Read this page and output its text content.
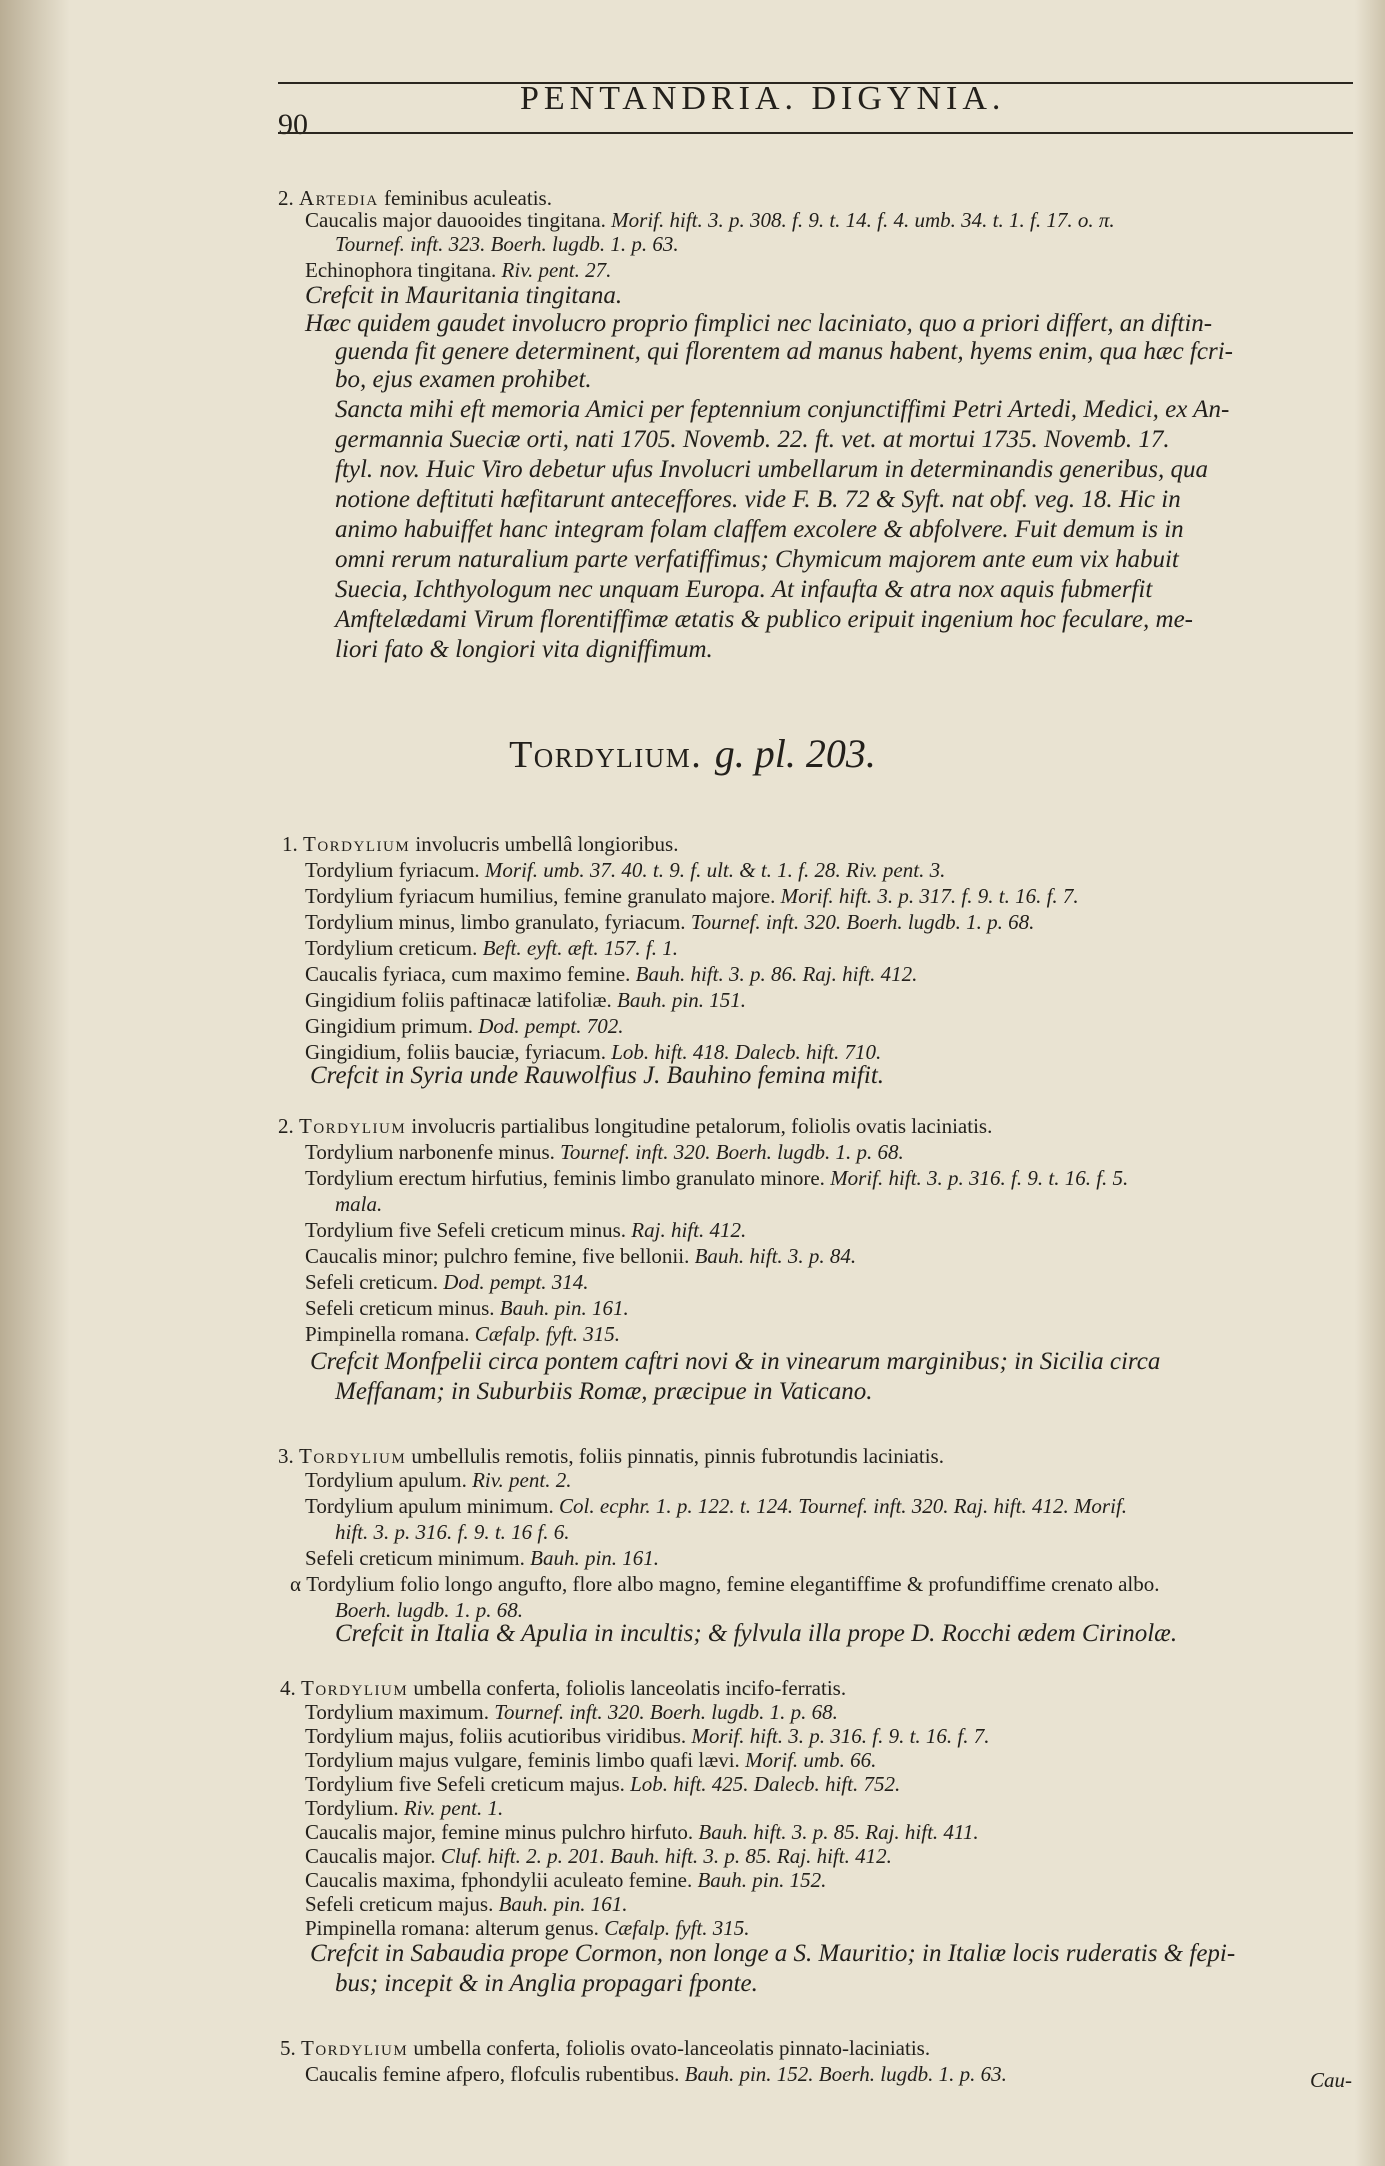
90
PENTANDRIA. DIGYNIA.
2. Artedia feminibus aculeatis.
Caucalis major dauooides tingitana. Morif. hift. 3. p. 308. f. 9. t. 14. f. 4. umb. 34. t. 1. f. 17. o. π.
Tournef. inft. 323. Boerh. lugdb. 1. p. 63.
Echinophora tingitana. Riv. pent. 27.
Crefcit in Mauritania tingitana.
Hæc quidem gaudet involucro proprio fimplici nec laciniato, quo a priori differt, an diftin-
guenda fit genere determinent, qui florentem ad manus habent, hyems enim, qua hæc fcri-
bo, ejus examen prohibet.
Sancta mihi eft memoria Amici per feptennium conjunctiffimi Petri Artedi, Medici, ex An-
germannia Sueciæ orti, nati 1705. Novemb. 22. ft. vet. at mortui 1735. Novemb. 17.
ftyl. nov. Huic Viro debetur ufus Involucri umbellarum in determinandis generibus, qua
notione deftituti hæfitarunt anteceffores. vide F. B. 72 & Syft. nat obf. veg. 18. Hic in
animo habuiffet hanc integram folam claffem excolere & abfolvere. Fuit demum is in
omni rerum naturalium parte verfatiffimus; Chymicum majorem ante eum vix habuit
Suecia, Ichthyologum nec unquam Europa. At infaufta & atra nox aquis fubmerfit
Amftelædami Virum florentiffimæ ætatis & publico eripuit ingenium hoc feculare, me-
liori fato & longiori vita digniffimum.
Tordylium. g. pl. 203.
1. Tordylium involucris umbellâ longioribus.
Tordylium fyriacum. Morif. umb. 37. 40. t. 9. f. ult. & t. 1. f. 28. Riv. pent. 3.
Tordylium fyriacum humilius, femine granulato majore. Morif. hift. 3. p. 317. f. 9. t. 16. f. 7.
Tordylium minus, limbo granulato, fyriacum. Tournef. inft. 320. Boerh. lugdb. 1. p. 68.
Tordylium creticum. Beft. eyft. æft. 157. f. 1.
Caucalis fyriaca, cum maximo femine. Bauh. hift. 3. p. 86. Raj. hift. 412.
Gingidium foliis paftinacæ latifoliæ. Bauh. pin. 151.
Gingidium primum. Dod. pempt. 702.
Gingidium, foliis bauciæ, fyriacum. Lob. hift. 418. Dalecb. hift. 710.
Crefcit in Syria unde Rauwolfius J. Bauhino femina mifit.
2. Tordylium involucris partialibus longitudine petalorum, foliolis ovatis laciniatis.
Tordylium narbonenfe minus. Tournef. inft. 320. Boerh. lugdb. 1. p. 68.
Tordylium erectum hirfutius, feminis limbo granulato minore. Morif. hift. 3. p. 316. f. 9. t. 16. f. 5.
mala.
Tordylium five Sefeli creticum minus. Raj. hift. 412.
Caucalis minor; pulchro femine, five bellonii. Bauh. hift. 3. p. 84.
Sefeli creticum. Dod. pempt. 314.
Sefeli creticum minus. Bauh. pin. 161.
Pimpinella romana. Cæfalp. fyft. 315.
Crefcit Monfpelii circa pontem caftri novi & in vinearum marginibus; in Sicilia circa
Meffanam; in Suburbiis Romæ, præcipue in Vaticano.
3. Tordylium umbellulis remotis, foliis pinnatis, pinnis fubrotundis laciniatis.
Tordylium apulum. Riv. pent. 2.
Tordylium apulum minimum. Col. ecphr. 1. p. 122. t. 124. Tournef. inft. 320. Raj. hift. 412. Morif.
hift. 3. p. 316. f. 9. t. 16 f. 6.
Sefeli creticum minimum. Bauh. pin. 161.
α Tordylium folio longo angufto, flore albo magno, femine elegantiffime & profundiffime crenato albo.
Boerh. lugdb. 1. p. 68.
Crefcit in Italia & Apulia in incultis; & fylvula illa prope D. Rocchi ædem Cirinolæ.
4. Tordylium umbella conferta, foliolis lanceolatis incifo-ferratis.
Tordylium maximum. Tournef. inft. 320. Boerh. lugdb. 1. p. 68.
Tordylium majus, foliis acutioribus viridibus. Morif. hift. 3. p. 316. f. 9. t. 16. f. 7.
Tordylium majus vulgare, feminis limbo quafi lævi. Morif. umb. 66.
Tordylium five Sefeli creticum majus. Lob. hift. 425. Dalecb. hift. 752.
Tordylium. Riv. pent. 1.
Caucalis major, femine minus pulchro hirfuto. Bauh. hift. 3. p. 85. Raj. hift. 411.
Caucalis major. Cluf. hift. 2. p. 201. Bauh. hift. 3. p. 85. Raj. hift. 412.
Caucalis maxima, fphondylii aculeato femine. Bauh. pin. 152.
Sefeli creticum majus. Bauh. pin. 161.
Pimpinella romana: alterum genus. Cæfalp. fyft. 315.
Crefcit in Sabaudia prope Cormon, non longe a S. Mauritio; in Italiæ locis ruderatis & fepi-
bus; incepit & in Anglia propagari fponte.
5. Tordylium umbella conferta, foliolis ovato-lanceolatis pinnato-laciniatis.
Caucalis femine afpero, flofculis rubentibus. Bauh. pin. 152. Boerh. lugdb. 1. p. 63.	Cau-
